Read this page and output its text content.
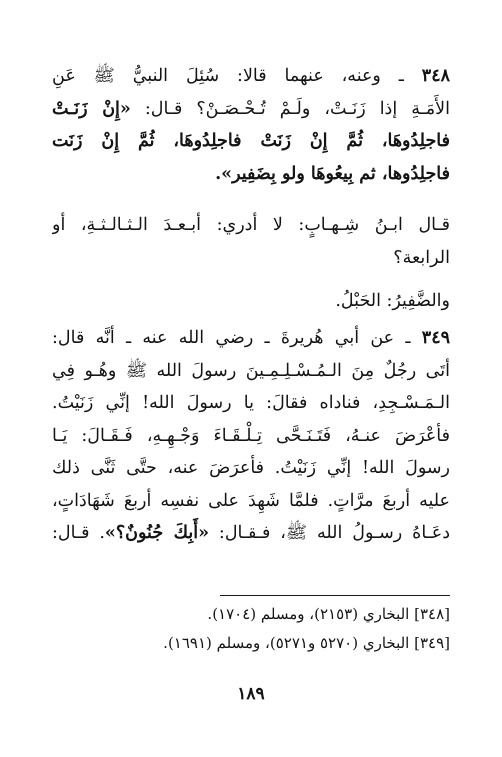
٣٤٨ ـ وعنه، عنهما قالا: سُئِلَ النبيُّ ﷺ عَنِ
الأَمَـةِ إذا زَنَـتْ، ولَـمْ تُـحْـصَـنْ؟ قـال: «إِنْ زَنَـتْ
فاجلِدُوهَا، ثُمَّ إِنْ زَنَتْ فاجلِدُوهَا، ثُمَّ إِنْ زَنَت
فاجلِدُوها، ثم بِيعُوهَا ولو بِضَفِير».
قـال ابـنُ شِـهـابٍ: لا أدري: أبـعـدَ الـثـالـثـةِ، أو
الرابعة؟
والضَّفِيرُ: الحَبْلُ.
٣٤٩ ـ عن أبي هُريرةَ ـ رضي الله عنه ـ أنَّه قال:
أتَى رجُلٌ مِنَ الـمُـسْـلِـمِـينَ رسولَ الله ﷺ وهُـو فِي
الـمَـسْـجِدِ، فناداه فقالَ: يا رسولَ الله! إنِّي زَنَيْتُ.
فأعْرَضَ عنـهُ، فَتَـنَـحَّى تِـلْـقَـاءَ وَجْـهِـهِ، فَـقَـالَ: يَـا
رسولَ الله! إنِّي زَنَيْتُ. فأعرَضَ عنه، حتَّى ثَنَّى ذلك
عليه أربعَ مرَّاتٍ. فلمَّا شَهِدَ على نفسِه أربعَ شَهَادَاتٍ،
دعَـاهُ رسـولُ الله ﷺ، فـقـال: «أَبِكَ جُنُونٌ؟». قـال:
[٣٤٨] البخاري (٢١٥٣)، ومسلم (١٧٠٤).
[٣٤٩] البخاري (٥٢٧٠ و٥٢٧١)، ومسلم (١٦٩١).
١٨٩
